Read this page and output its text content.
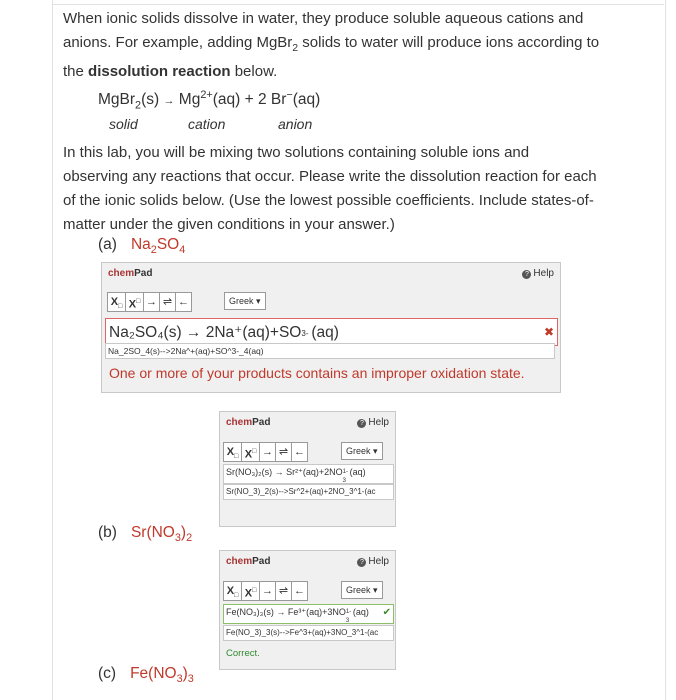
When ionic solids dissolve in water, they produce soluble aqueous cations and
anions. For example, adding MgBr$_2$ solids to water will produce ions according to
the dissolution reaction below.
MgBr$_2$(s) → $Mg^{2+}(aq) + 2$ Br−(aq)
solid	cation	anion
In this lab, you will be mixing two solutions containing soluble ions and
observing any reactions that occur. Please write the dissolution reaction for each
of the ionic solids below. (Use the lowest possible coefficients. Include states-of-
matter under the given conditions in your answer.)
(a) $Na_2SO_4$
chemPad	? Help
$X_□$ X□ → ⇌ ←	Greek ▾
Na₂SO₄(s) → 2Na⁺(aq)+SO 3- (aq)	✖
Na_2SO_4(s)-->2Na^+(aq)+SO^3-_4(aq)
One or more of your products contains an improper oxidation state.
chemPad	? Help
$X_□$ X□ → ⇌ ←	Greek ▾
Sr(NO₃)₂(s) → Sr²⁺(aq)+2NO 1-
3
(aq)
Sr(NO_3)_2(s)-->Sr^2+(aq)+2NO_3^1-(ac
(b) $Sr(NO_3)_2$
chemPad	? Help
$X_□$ X□ → ⇌ ←	Greek ▾
Fe(NO₃)₃(s) → Fe³⁺(aq)+3NO 1-
3
(aq) ✔
Fe(NO_3)_3(s)-->Fe^3+(aq)+3NO_3^1-(ac
Correct.
(c) $Fe(NO_3)_3$
